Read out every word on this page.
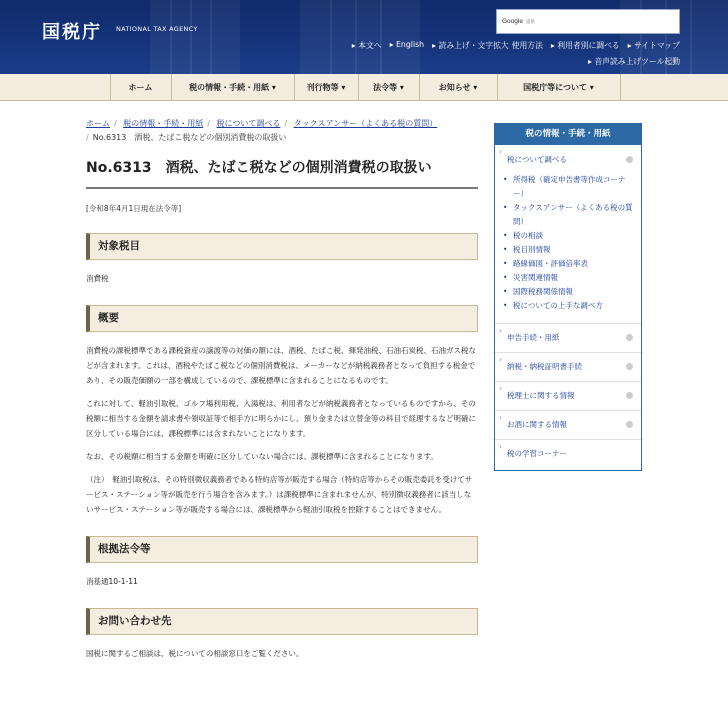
国税庁 NATIONAL TAX AGENCY
Google 提供
▸ 本文へ ▸ English ▸ 読み上げ・文字拡大 使用方法 ▸ 利用者別に調べる ▸ サイトマップ
▸ 音声読み上げツール起動
ホーム	税の情報・手続・用紙 ▾	刊行物等 ▾	法令等 ▾	お知らせ ▾	国税庁等について ▾
ホーム / 税の情報・手続・用紙 / 税について調べる / タックスアンサー（よくある税の質問）
/ No.6313　酒税、たばこ税などの個別消費税の取扱い
No.6313　酒税、たばこ税などの個別消費税の取扱い
[令和8年4月1日現在法令等]
対象税目
消費税
概要
消費税の課税標準である課税資産の譲渡等の対価の額には、酒税、たばこ税、揮発油税、石油石炭税、石油ガス税などが含まれます。これは、酒税やたばこ税などの個別消費税は、メーカーなどが納税義務者となって負担する税金であり、その販売価額の一部を構成しているので、課税標準に含まれることになるものです。
これに対して、軽油引取税、ゴルフ場利用税、入湯税は、利用者などが納税義務者となっているものですから、その税額に相当する金額を請求書や領収証等で相手方に明らかにし、預り金または立替金等の科目で経理するなど明確に区分している場合には、課税標準には含まれないことになります。
なお、その税額に相当する金額を明確に区分していない場合には、課税標準に含まれることになります。
（注）　軽油引取税は、その特別徴収義務者である特約店等が販売する場合（特約店等からその販売委託を受けてサービス・ステーション等が販売を行う場合を含みます。）は課税標準に含まれませんが、特別徴収義務者に該当しないサービス・ステーション等が販売する場合には、課税標準から軽油引取税を控除することはできません。
根拠法令等
消基通10-1-11
お問い合わせ先
国税に関するご相談は、税についての相談窓口をご覧ください。
税の情報・手続・用紙
› 税について調べる
• 所得税（確定申告書等作成コーナー）
• タックスアンサー（よくある税の質問）
• 税の相談
• 税目別情報
• 路線価図・評価倍率表
• 災害関連情報
• 国際税務関係情報
• 税についての上手な調べ方
› 申告手続・用紙
› 納税・納税証明書手続
› 税理士に関する情報
› お酒に関する情報
› 税の学習コーナー
